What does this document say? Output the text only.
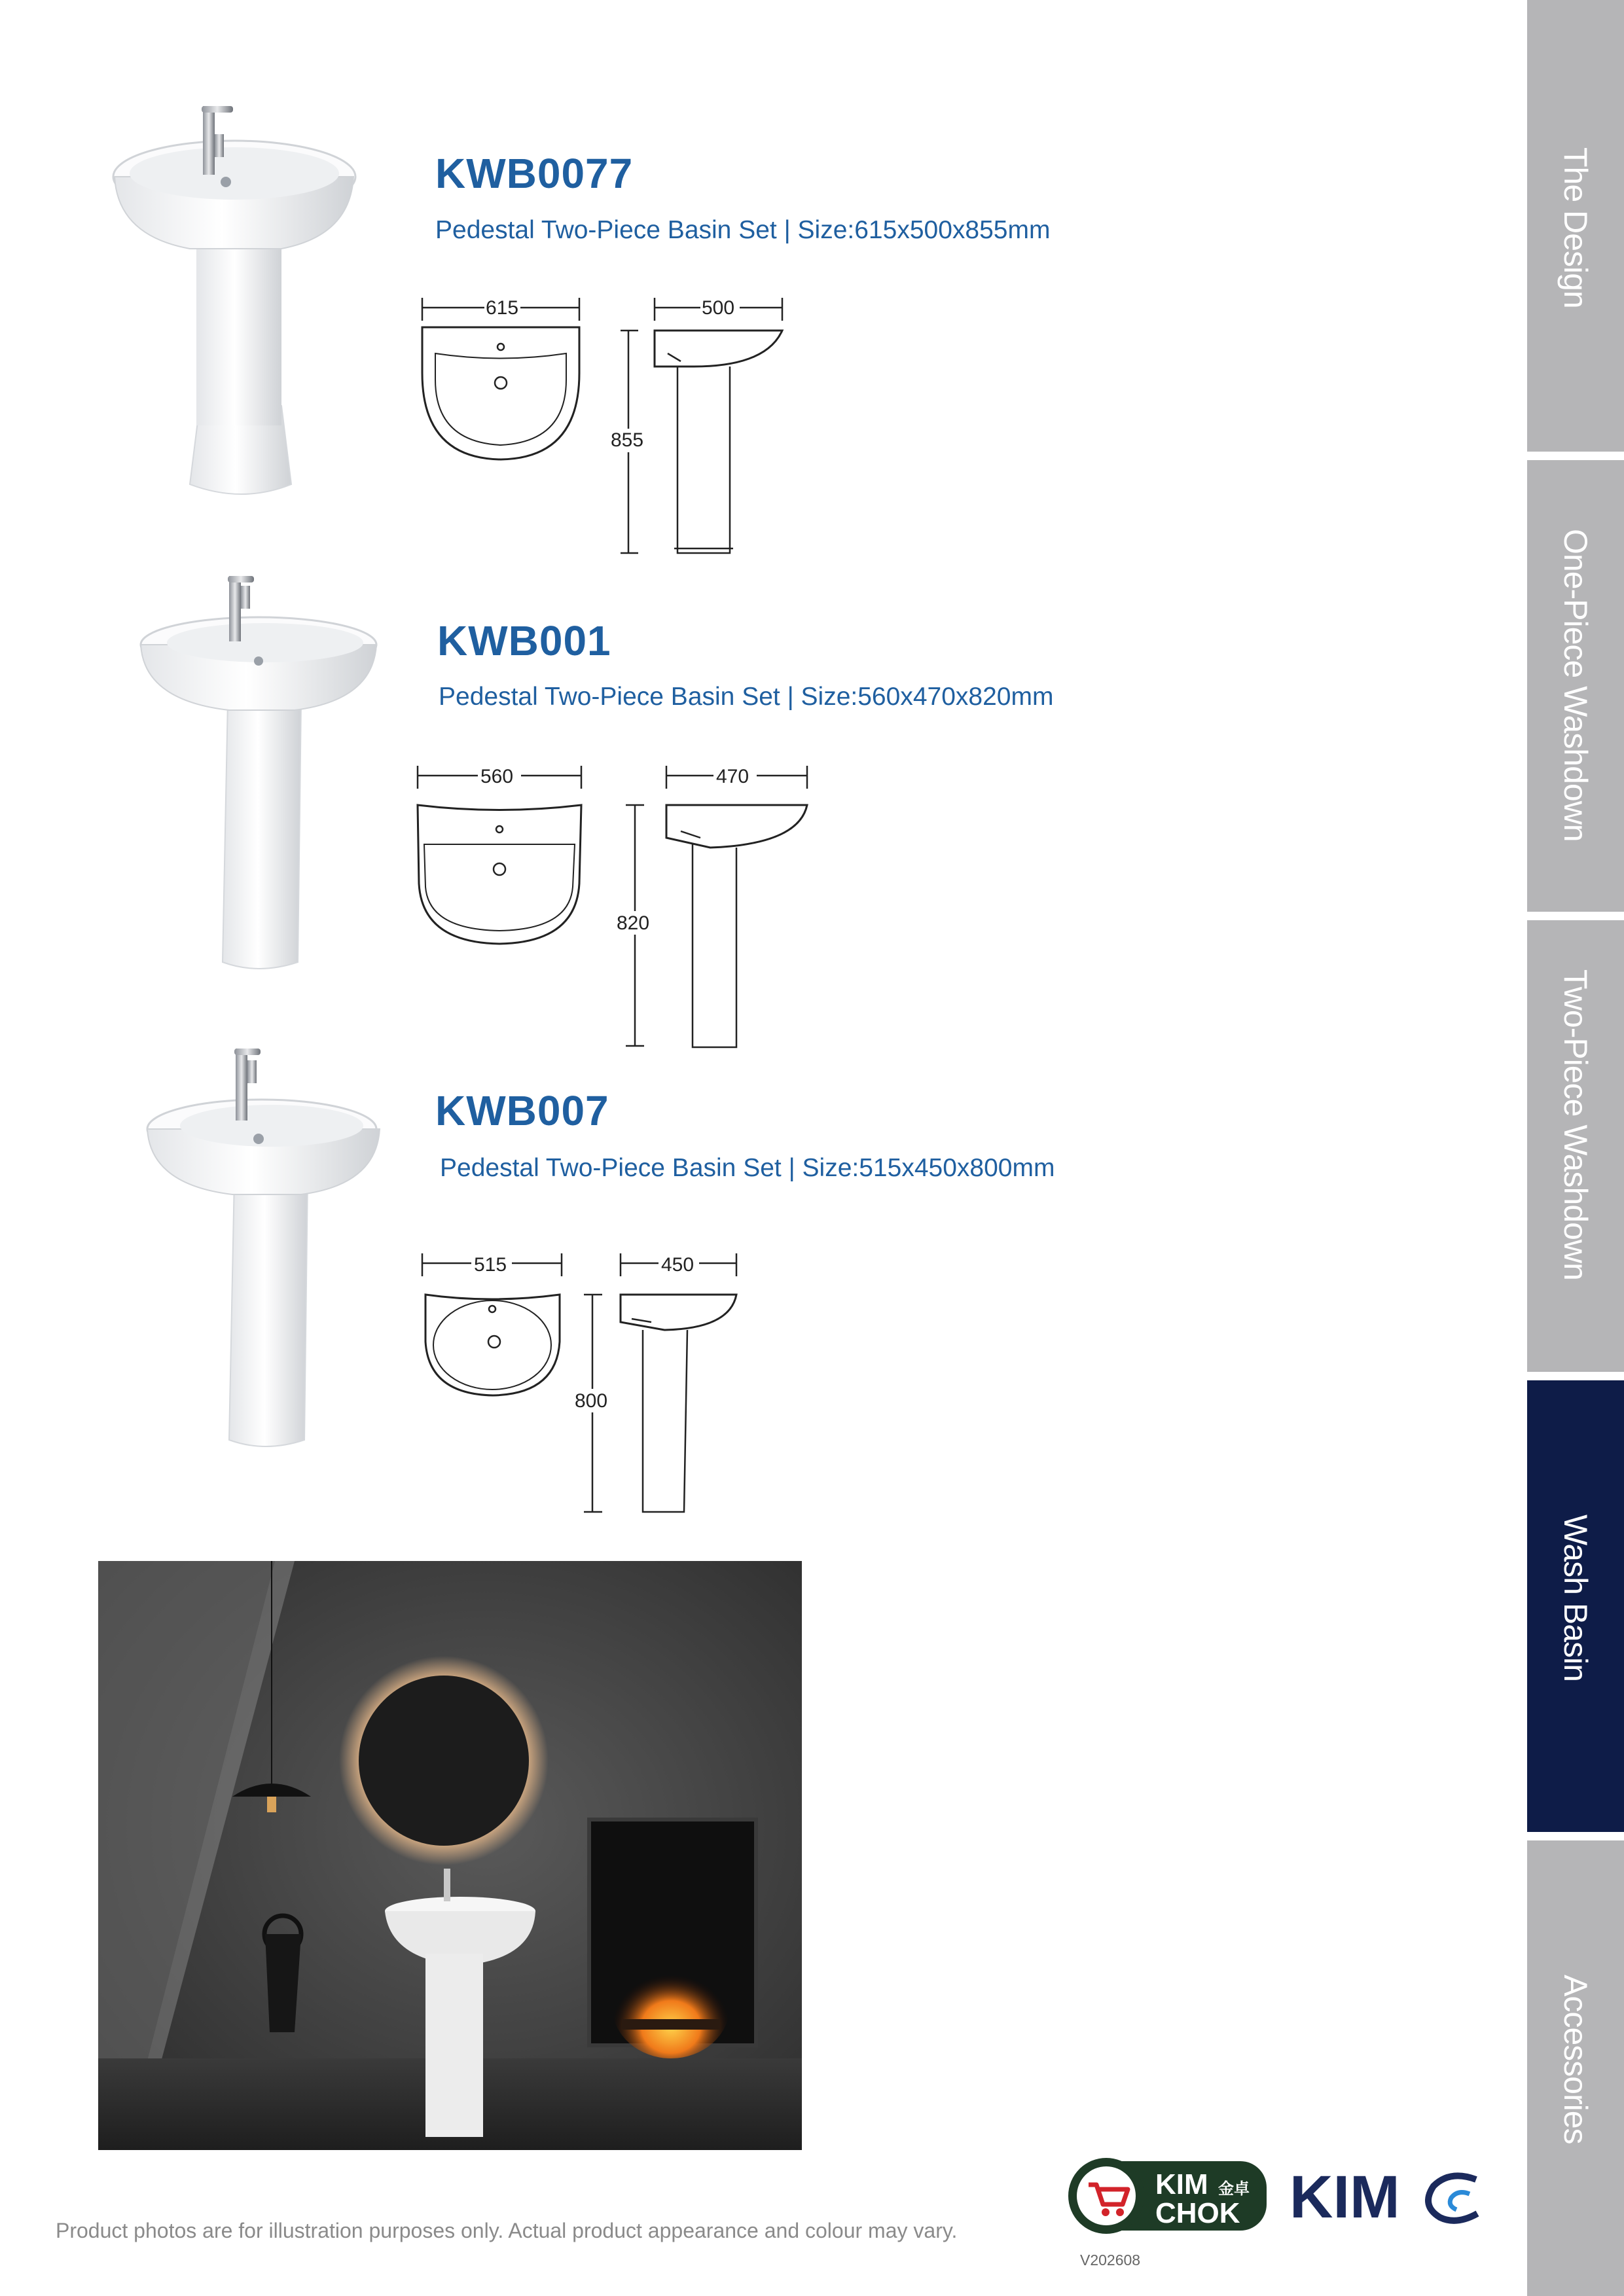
KWB0077
Pedestal Two-Piece Basin Set | Size:615x500x855mm
615	500
855
KWB001
Pedestal Two-Piece Basin Set | Size:560x470x820mm
560	470
820
KWB007
Pedestal Two-Piece Basin Set | Size:515x450x800mm
515	450
800
The Design
One-Piece Washdown
Two-Piece Washdown
Wash Basin
Accessories
KIM 金卓
CHOK KIM
Product photos are for illustration purposes only. Actual product appearance and colour may vary.
V202608
